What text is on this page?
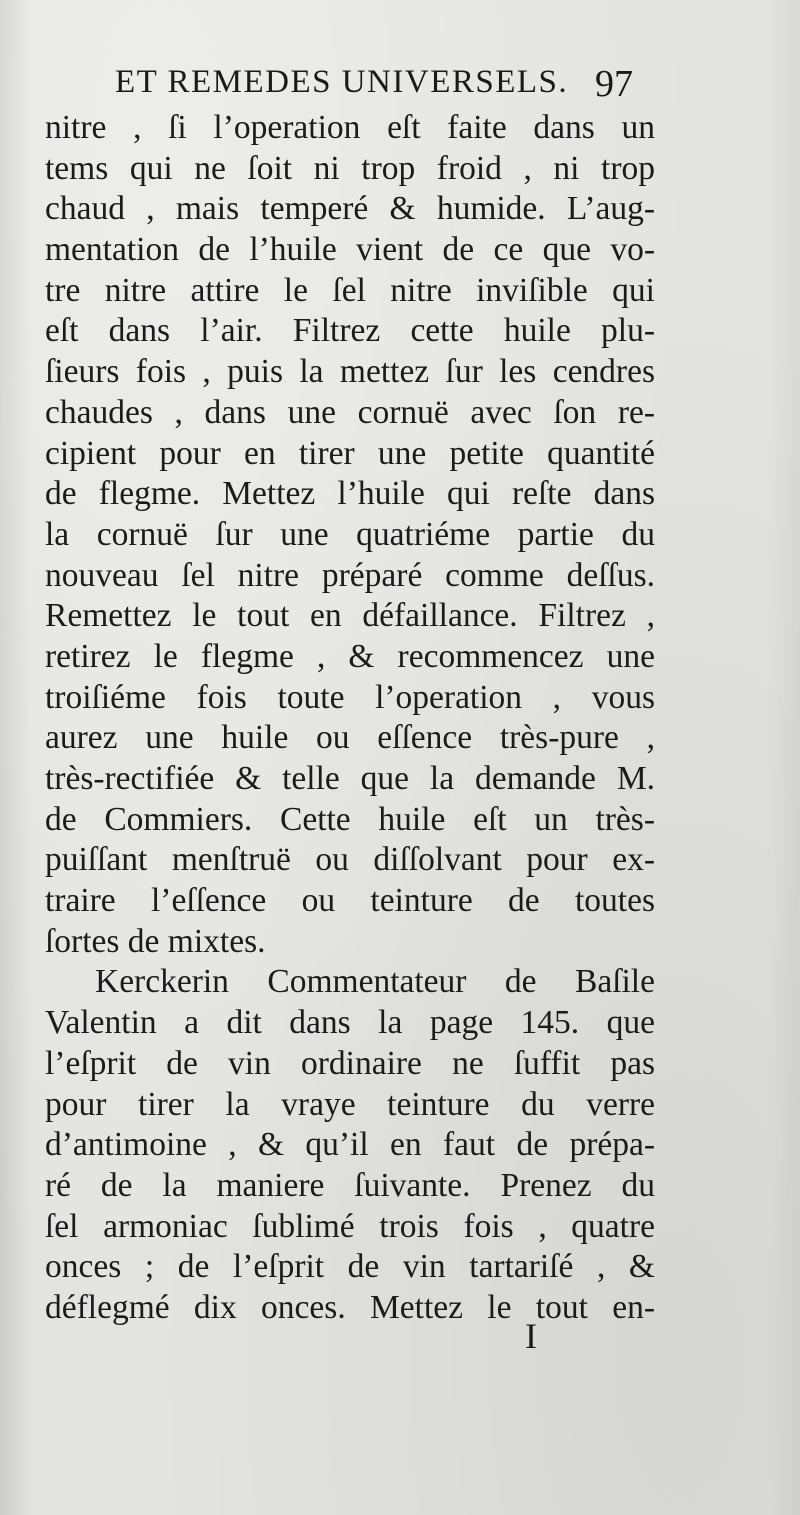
ET REMEDES UNIVERSELS. 97
nitre , ſi l’operation eſt faite dans un
tems qui ne ſoit ni trop froid , ni trop
chaud , mais temperé & humide. L’aug-
mentation de l’huile vient de ce que vo-
tre nitre attire le ſel nitre inviſible qui
eſt dans l’air. Filtrez cette huile plu-
ſieurs fois , puis la mettez ſur les cendres
chaudes , dans une cornuë avec ſon re-
cipient pour en tirer une petite quantité
de flegme. Mettez l’huile qui reſte dans
la cornuë ſur une quatriéme partie du
nouveau ſel nitre préparé comme deſſus.
Remettez le tout en défaillance. Filtrez ,
retirez le flegme , & recommencez une
troiſiéme fois toute l’operation , vous
aurez une huile ou eſſence très-pure ,
très-rectifiée & telle que la demande M.
de Commiers. Cette huile eſt un très-
puiſſant menſtruë ou diſſolvant pour ex-
traire l’eſſence ou teinture de toutes
ſortes de mixtes.
Kerckerin Commentateur de Baſile
Valentin a dit dans la page 145. que
l’eſprit de vin ordinaire ne ſuffit pas
pour tirer la vraye teinture du verre
d’antimoine , & qu’il en faut de prépa-
ré de la maniere ſuivante. Prenez du
ſel armoniac ſublimé trois fois , quatre
onces ; de l’eſprit de vin tartariſé , &
déflegmé dix onces. Mettez le tout en-
I
